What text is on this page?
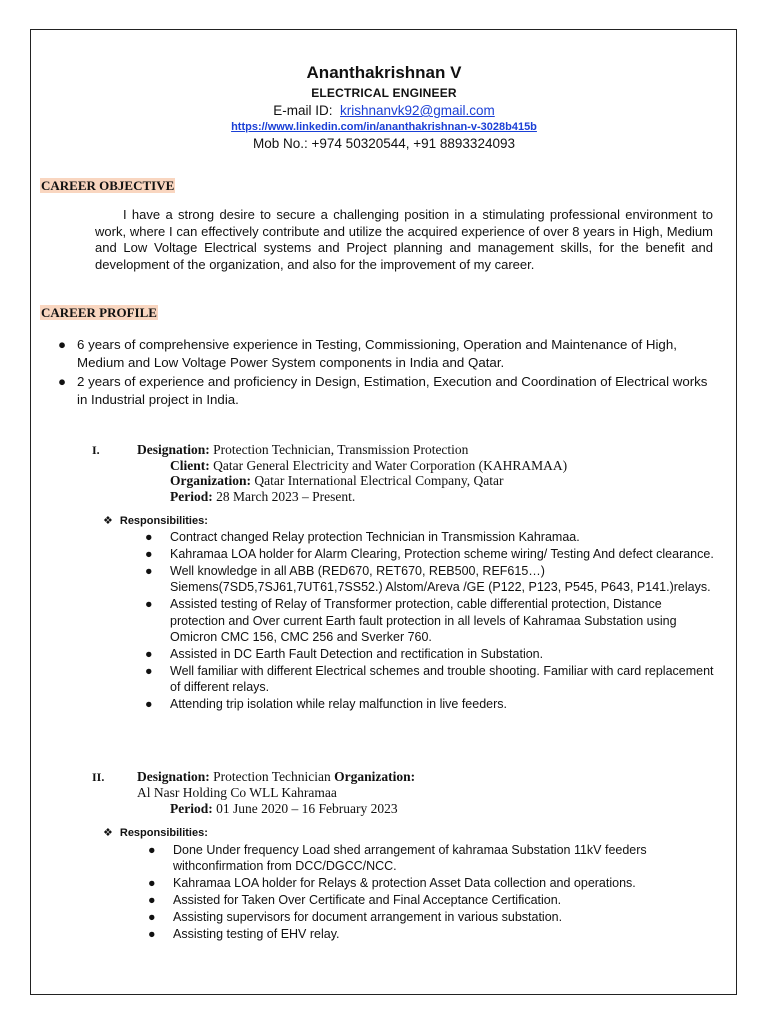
Ananthakrishnan V
ELECTRICAL ENGINEER
E-mail ID: krishnanvk92@gmail.com
https://www.linkedin.com/in/ananthakrishnan-v-3028b415b
Mob No.: +974 50320544, +91 8893324093
CAREER OBJECTIVE
I have a strong desire to secure a challenging position in a stimulating professional environment to work, where I can effectively contribute and utilize the acquired experience of over 8 years in High, Medium and Low Voltage Electrical systems and Project planning and management skills, for the benefit and development of the organization, and also for the improvement of my career.
CAREER PROFILE
● 6 years of comprehensive experience in Testing, Commissioning, Operation and Maintenance of High, Medium and Low Voltage Power System components in India and Qatar.
● 2 years of experience and proficiency in Design, Estimation, Execution and Coordination of Electrical works in Industrial project in India.
I.	Designation: Protection Technician, Transmission Protection
Client: Qatar General Electricity and Water Corporation (KAHRAMAA)
Organization: Qatar International Electrical Company, Qatar
Period: 28 March 2023 – Present.
❖ Responsibilities:
● Contract changed Relay protection Technician in Transmission Kahramaa.
● Kahramaa LOA holder for Alarm Clearing, Protection scheme wiring/ Testing And defect clearance.
● Well knowledge in all ABB (RED670, RET670, REB500, REF615…) Siemens(7SD5,7SJ61,7UT61,7SS52.) Alstom/Areva /GE (P122, P123, P545, P643, P141.)relays.
● Assisted testing of Relay of Transformer protection, cable differential protection, Distance protection and Over current Earth fault protection in all levels of Kahramaa Substation using Omicron CMC 156, CMC 256 and Sverker 760.
● Assisted in DC Earth Fault Detection and rectification in Substation.
● Well familiar with different Electrical schemes and trouble shooting. Familiar with card replacement of different relays.
● Attending trip isolation while relay malfunction in live feeders.
II. Designation: Protection Technician Organization:
Al Nasr Holding Co WLL Kahramaa
Period: 01 June 2020 – 16 February 2023
❖ Responsibilities:
● Done Under frequency Load shed arrangement of kahramaa Substation 11kV feeders withconfirmation from DCC/DGCC/NCC.
● Kahramaa LOA holder for Relays & protection Asset Data collection and operations.
● Assisted for Taken Over Certificate and Final Acceptance Certification.
● Assisting supervisors for document arrangement in various substation.
● Assisting testing of EHV relay.
